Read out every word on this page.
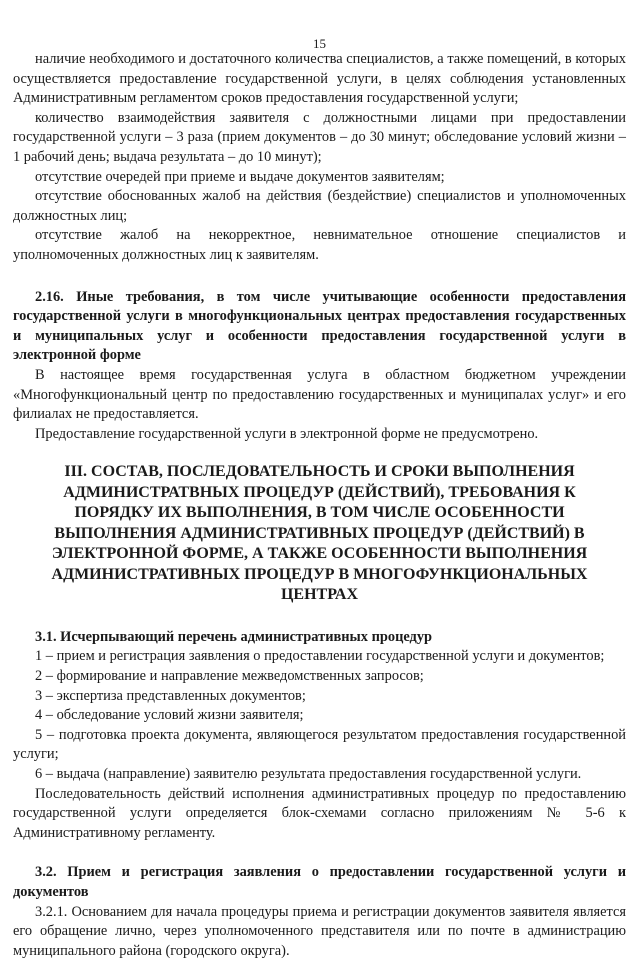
15

наличие необходимого и достаточного количества специалистов, а также помещений, в которых осуществляется предоставление государственной услуги, в целях соблюдения установленных Административным регламентом сроков предоставления государственной услуги;

количество взаимодействия заявителя с должностными лицами при предоставлении государственной услуги – 3 раза (прием документов – до 30 минут; обследование условий жизни – 1 рабочий день; выдача результата – до 10 минут);

отсутствие очередей при приеме и выдаче документов заявителям;

отсутствие обоснованных жалоб на действия (бездействие) специалистов и уполномоченных должностных лиц;

отсутствие жалоб на некорректное, невнимательное отношение специалистов и уполномоченных должностных лиц к заявителям.

2.16. Иные требования, в том числе учитывающие особенности предоставления государственной услуги в многофункциональных центрах предоставления государственных и муниципальных услуг и особенности предоставления государственной услуги в электронной форме

В настоящее время государственная услуга в областном бюджетном учреждении «Многофункциональный центр по предоставлению государственных и муниципалах услуг» и его филиалах не предоставляется.

Предоставление государственной услуги в электронной форме не предусмотрено.

III. СОСТАВ, ПОСЛЕДОВАТЕЛЬНОСТЬ И СРОКИ ВЫПОЛНЕНИЯ АДМИНИСТРАТВНЫХ ПРОЦЕДУР (ДЕЙСТВИЙ), ТРЕБОВАНИЯ К ПОРЯДКУ ИХ ВЫПОЛНЕНИЯ, В ТОМ ЧИСЛЕ ОСОБЕННОСТИ ВЫПОЛНЕНИЯ АДМИНИСТРАТИВНЫХ ПРОЦЕДУР (ДЕЙСТВИЙ) В ЭЛЕКТРОННОЙ ФОРМЕ, А ТАКЖЕ ОСОБЕННОСТИ ВЫПОЛНЕНИЯ АДМИНИСТРАТИВНЫХ ПРОЦЕДУР В МНОГОФУНКЦИОНАЛЬНЫХ ЦЕНТРАХ

3.1. Исчерпывающий перечень административных процедур

1 – прием и регистрация заявления о предоставлении государственной услуги и документов;

2 – формирование и направление межведомственных запросов;

3 – экспертиза представленных документов;

4 – обследование условий жизни заявителя;

5 – подготовка проекта документа, являющегося результатом предоставления государственной услуги;

6 – выдача (направление) заявителю результата предоставления государственной услуги.

Последовательность действий исполнения административных процедур по предоставлению государственной услуги определяется блок-схемами согласно приложениям № 5-6 к Административному регламенту.

3.2. Прием и регистрация заявления о предоставлении государственной услуги и документов

3.2.1. Основанием для начала процедуры приема и регистрации документов заявителя является его обращение лично, через уполномоченного представителя или по почте в администрацию муниципального района (городского округа).
